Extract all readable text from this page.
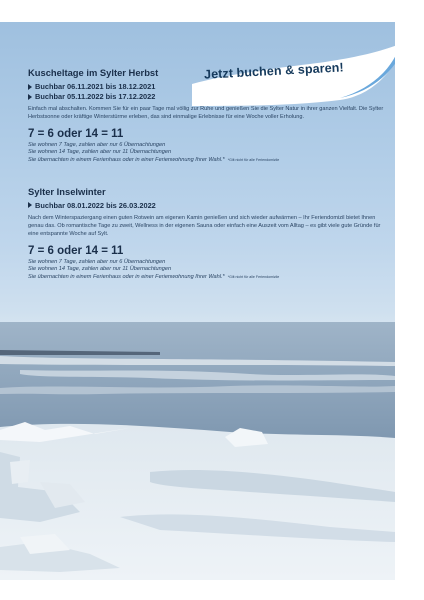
Jetzt buchen & sparen!
Kuscheltage im Sylter Herbst
Buchbar 06.11.2021 bis 18.12.2021
Buchbar 05.11.2022 bis 17.12.2022
Einfach mal abschalten. Kommen Sie für ein paar Tage mal völlig zur Ruhe und genießen Sie die Sylter Natur in ihrer ganzen Vielfalt. Die Sylter Herbstsonne oder kräftige Winterstürme erleben, das sind einmalige Erlebnisse für eine Woche voller Erholung.
7 = 6 oder 14 = 11
Sie wohnen 7 Tage, zahlen aber nur 6 Übernachtungen
Sie wohnen 14 Tage, zahlen aber nur 11 Übernachtungen
Sie übernachten in einem Ferienhaus oder in einer Ferienwohnung Ihrer Wahl.* *Gilt nicht für alle Feriendomizile
Sylter Inselwinter
Buchbar 08.01.2022 bis 26.03.2022
Nach dem Winterspaziergang einen guten Rotwein am eigenen Kamin genießen und sich wieder aufwärmen – Ihr Feriendomizil bietet Ihnen genau das. Ob romantische Tage zu zweit, Wellness in der eigenen Sauna oder einfach eine Auszeit vom Alltag – es gibt viele gute Gründe für eine entspannte Woche auf Sylt.
7 = 6 oder 14 = 11
Sie wohnen 7 Tage, zahlen aber nur 6 Übernachtungen
Sie wohnen 14 Tage, zahlen aber nur 11 Übernachtungen
Sie übernachten in einem Ferienhaus oder in einer Ferienwohnung Ihrer Wahl.* *Gilt nicht für alle Feriendomizile
